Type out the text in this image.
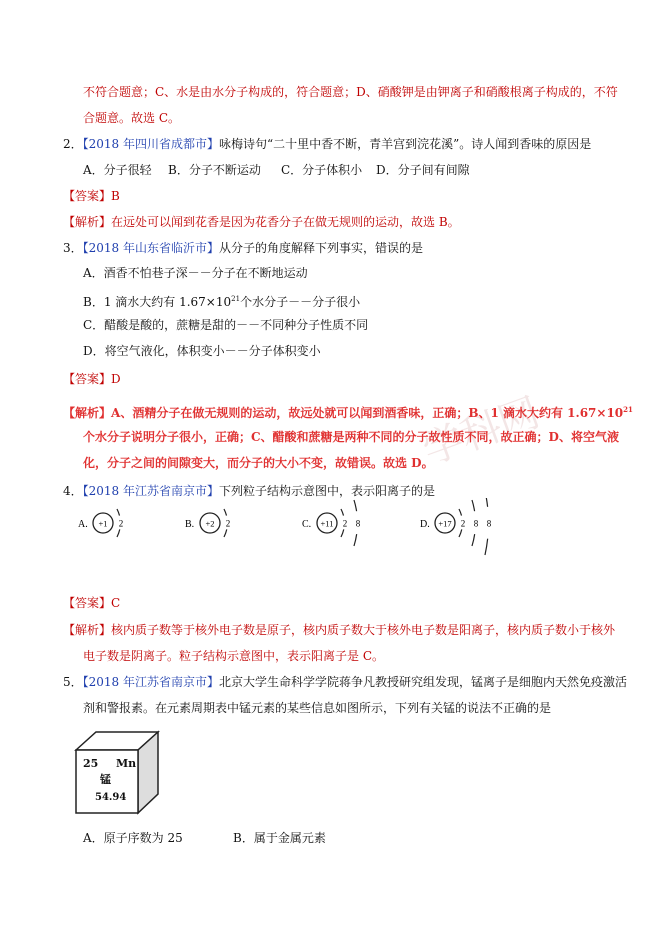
不符合题意；C、水是由水分子构成的，符合题意；D、硝酸钾是由钾离子和硝酸根离子构成的，不符
合题意。故选 C。
2．【2018 年四川省成都市】咏梅诗句“二十里中香不断，青羊宫到浣花溪”。诗人闻到香味的原因是
A．分子很轻 B．分子不断运动 C．分子体积小 D．分子间有间隙
【答案】B
【解析】在远处可以闻到花香是因为花香分子在做无规则的运动，故选 B。
3．【2018 年山东省临沂市】从分子的角度解释下列事实，错误的是
A．酒香不怕巷子深－－分子在不断地运动
B．1 滴水大约有 $1.67\times 10^{21}$个水分子－－分子很小
C．醋酸是酸的，蔗糖是甜的－－不同种分子性质不同
D．将空气液化，体积变小－－分子体积变小
【答案】D
学科网
【解析】A、酒精分子在做无规则的运动，故远处就可以闻到酒香味，正确；B、1 滴水大约有 $1.67\times 10^{21}$
个水分子说明分子很小，正确；C、醋酸和蔗糖是两种不同的分子故性质不同，故正确；D、将空气液
化，分子之间的间隙变大，而分子的大小不变，故错误。故选 D。
4．【2018 年江苏省南京市】下列粒子结构示意图中，表示阳离子的是
A. +1 2	B. +2 2	C. +11 2 8	D. +17 2 8 8
【答案】C
【解析】核内质子数等于核外电子数是原子，核内质子数大于核外电子数是阳离子，核内质子数小于核外
电子数是阴离子。粒子结构示意图中，表示阳离子是 C。
5．【2018 年江苏省南京市】北京大学生命科学学院蒋争凡教授研究组发现，锰离子是细胞内天然免疫激活
剂和警报素。在元素周期表中锰元素的某些信息如图所示，下列有关锰的说法不正确的是
25 Mn
锰
54.94
A．原子序数为 25	B．属于金属元素
